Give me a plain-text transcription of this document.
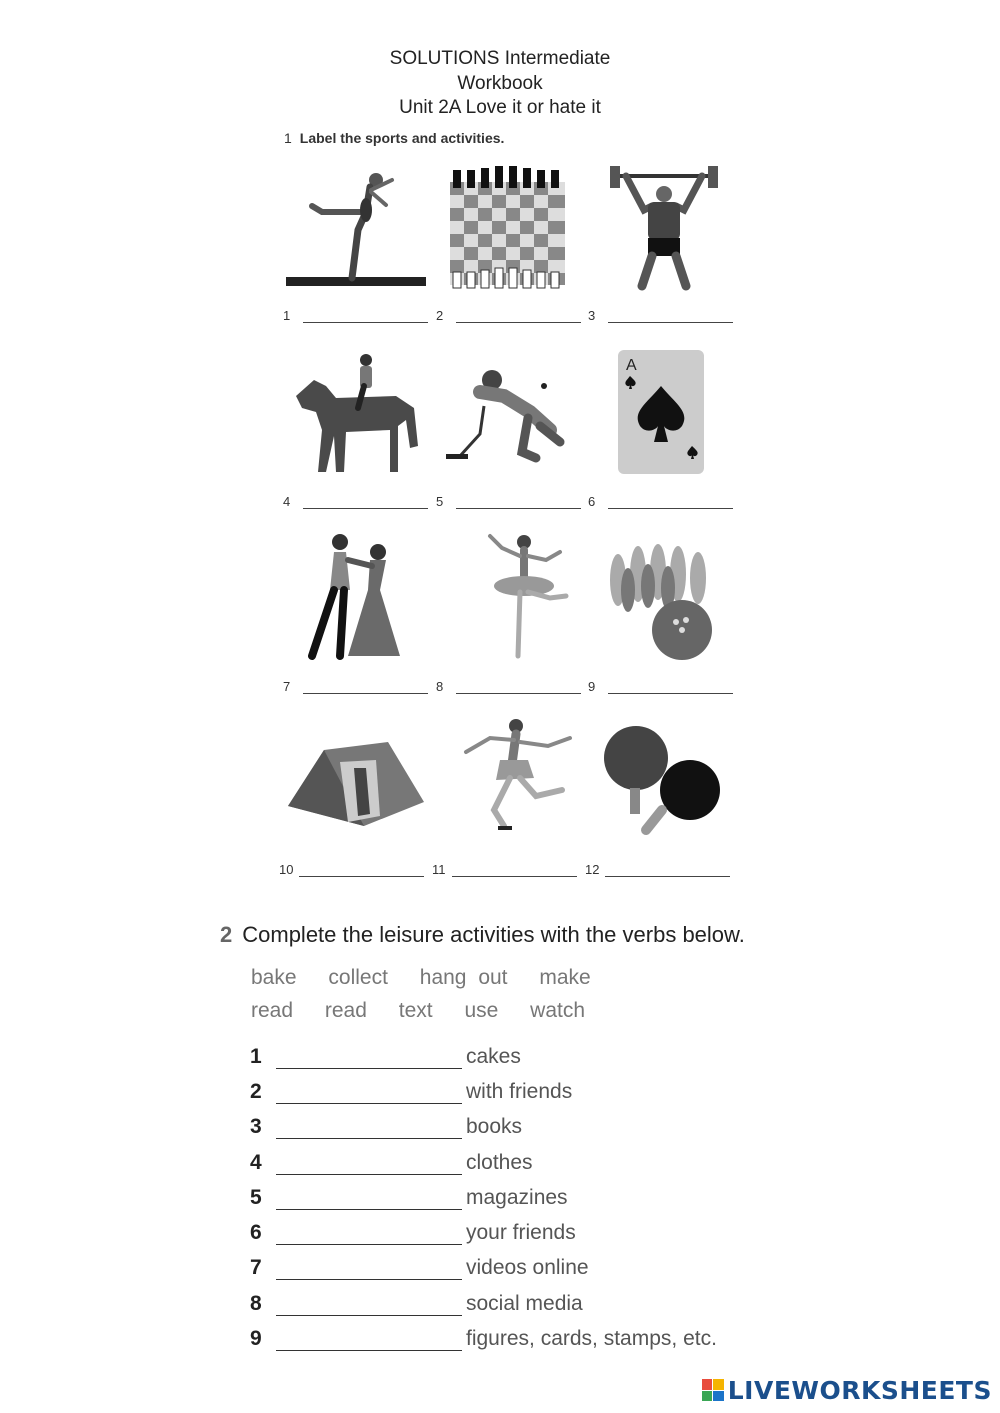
SOLUTIONS Intermediate
Workbook
Unit 2A Love it or hate it
1 Label the sports and activities.
1	2	3
A
4	5	6
7	8	9
10	11	12
2 Complete the leisure activities with the verbs below.
bake collect hang out make
read read text use watch
1	cakes
2	with friends
3	books
4	clothes
5	magazines
6	your friends
7	videos online
8	social media
9	figures, cards, stamps, etc.
LIVEWORKSHEETS
